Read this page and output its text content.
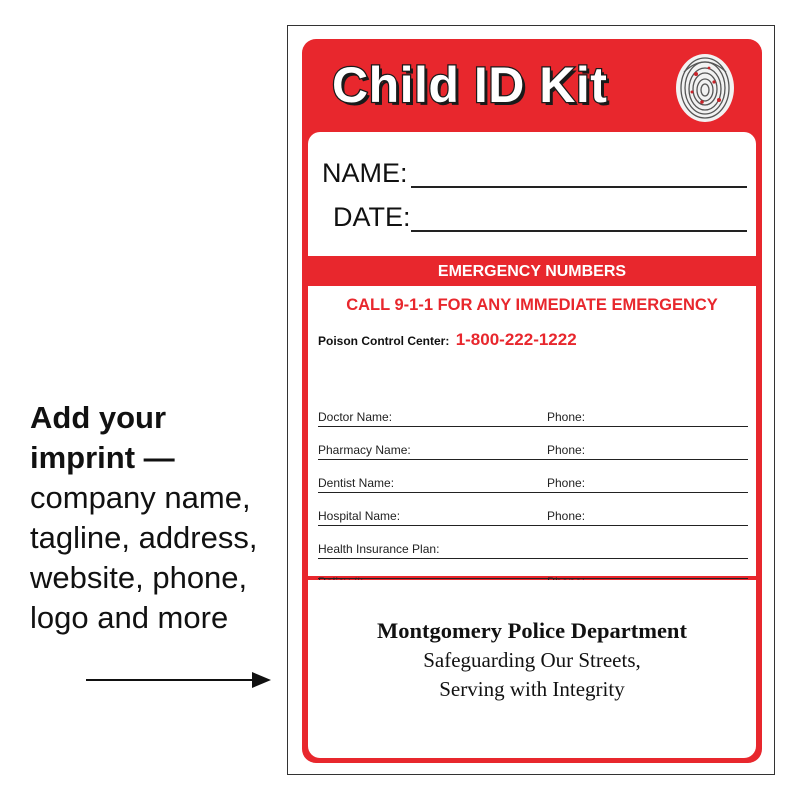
Add your
imprint —
company name,
tagline, address,
website, phone,
logo and more
Child ID Kit
NAME:
DATE:
EMERGENCY NUMBERS
CALL 9-1-1 FOR ANY IMMEDIATE EMERGENCY
Poison Control Center: 1-800-222-1222
Doctor Name:	Phone:
Pharmacy Name:	Phone:
Dentist Name:	Phone:
Hospital Name:	Phone:
Health Insurance Plan:
Montgomery Police Department
Safeguarding Our Streets,
Serving with Integrity
